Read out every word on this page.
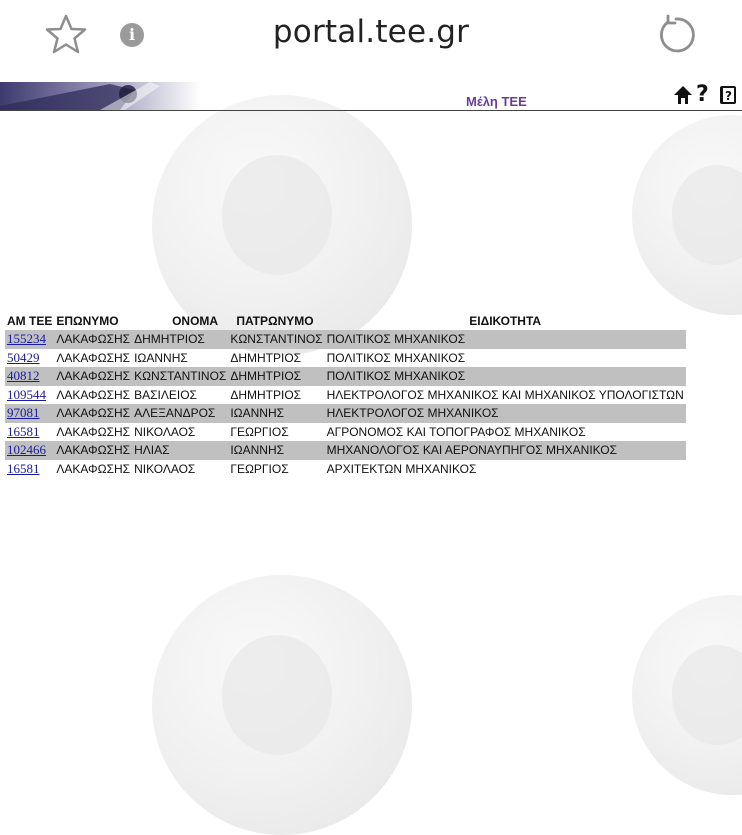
i	portal.tee.gr
Μέλη ΤΕΕ	? ?
ΑΜ ΤΕΕ	ΕΠΩΝΥΜΟ	ΟΝΟΜΑ	ΠΑΤΡΩΝΥΜΟ	ΕΙΔΙΚΟΤΗΤΑ
155234	ΛΑΚΑΦΩΣΗΣ	ΔΗΜΗΤΡΙΟΣ	ΚΩΝΣΤΑΝΤΙΝΟΣ	ΠΟΛΙΤΙΚΟΣ ΜΗΧΑΝΙΚΟΣ
50429	ΛΑΚΑΦΩΣΗΣ	ΙΩΑΝΝΗΣ	ΔΗΜΗΤΡΙΟΣ	ΠΟΛΙΤΙΚΟΣ ΜΗΧΑΝΙΚΟΣ
40812	ΛΑΚΑΦΩΣΗΣ	ΚΩΝΣΤΑΝΤΙΝΟΣ	ΔΗΜΗΤΡΙΟΣ	ΠΟΛΙΤΙΚΟΣ ΜΗΧΑΝΙΚΟΣ
109544	ΛΑΚΑΦΩΣΗΣ	ΒΑΣΙΛΕΙΟΣ	ΔΗΜΗΤΡΙΟΣ	ΗΛΕΚΤΡΟΛΟΓΟΣ ΜΗΧΑΝΙΚΟΣ ΚΑΙ ΜΗΧΑΝΙΚΟΣ ΥΠΟΛΟΓΙΣΤΩΝ
97081	ΛΑΚΑΦΩΣΗΣ	ΑΛΕΞΑΝΔΡΟΣ	ΙΩΑΝΝΗΣ	ΗΛΕΚΤΡΟΛΟΓΟΣ ΜΗΧΑΝΙΚΟΣ
16581	ΛΑΚΑΦΩΣΗΣ	ΝΙΚΟΛΑΟΣ	ΓΕΩΡΓΙΟΣ	ΑΓΡΟΝΟΜΟΣ ΚΑΙ ΤΟΠΟΓΡΑΦΟΣ ΜΗΧΑΝΙΚΟΣ
102466	ΛΑΚΑΦΩΣΗΣ	ΗΛΙΑΣ	ΙΩΑΝΝΗΣ	ΜΗΧΑΝΟΛΟΓΟΣ ΚΑΙ ΑΕΡΟΝΑΥΠΗΓΟΣ ΜΗΧΑΝΙΚΟΣ
16581	ΛΑΚΑΦΩΣΗΣ	ΝΙΚΟΛΑΟΣ	ΓΕΩΡΓΙΟΣ	ΑΡΧΙΤΕΚΤΩΝ ΜΗΧΑΝΙΚΟΣ
